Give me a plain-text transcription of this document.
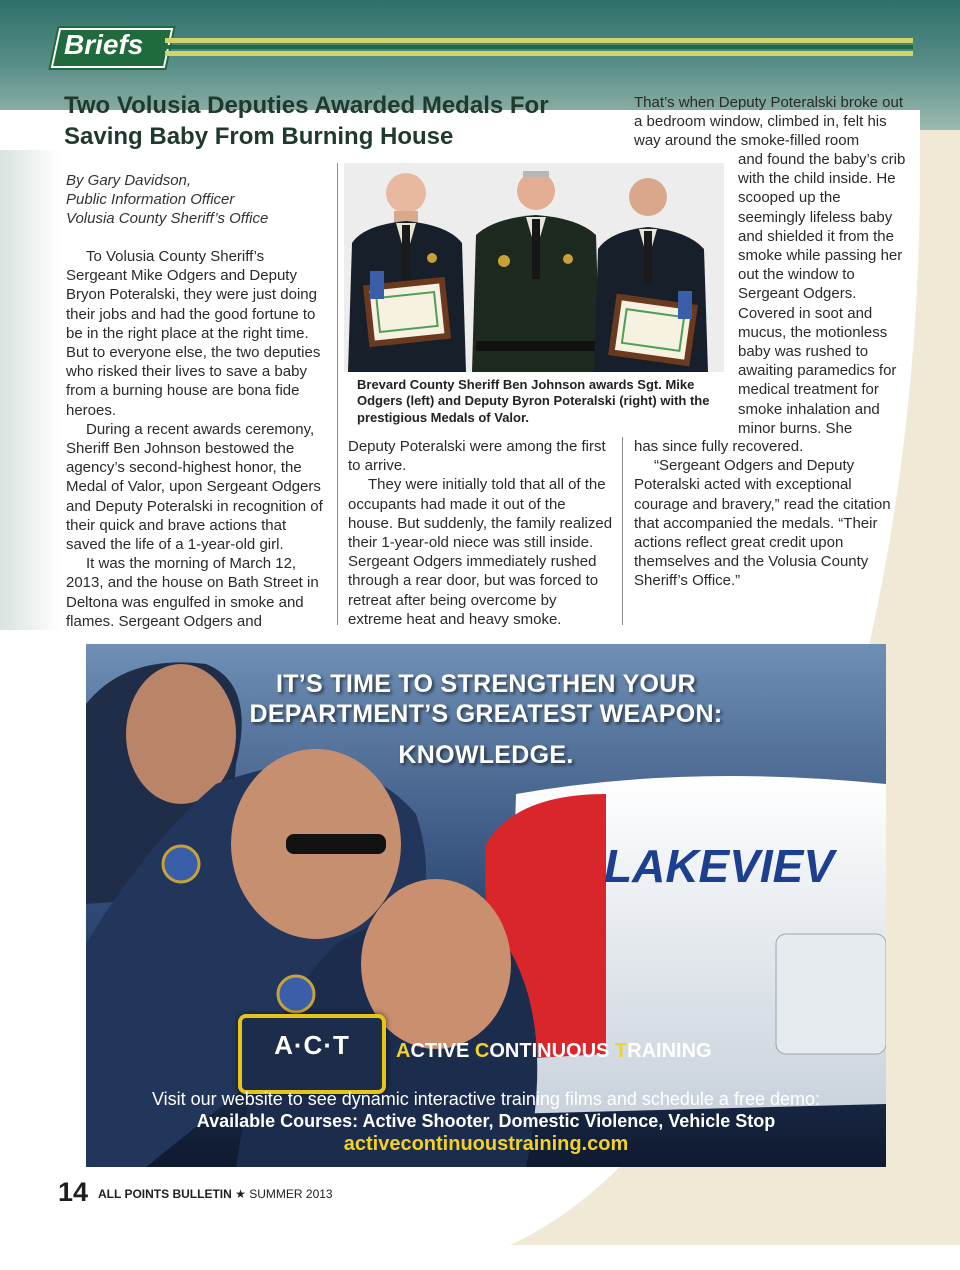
Briefs
Two Volusia Deputies Awarded Medals For Saving Baby From Burning House
By Gary Davidson,
Public Information Officer
Volusia County Sheriff’s Office

To Volusia County Sheriff’s Sergeant Mike Odgers and Deputy Bryon Poteralski, they were just doing their jobs and had the good fortune to be in the right place at the right time. But to everyone else, the two deputies who risked their lives to save a baby from a burning house are bona fide heroes.

During a recent awards ceremony, Sheriff Ben Johnson bestowed the agency’s second-highest honor, the Medal of Valor, upon Sergeant Odgers and Deputy Poteralski in recognition of their quick and brave actions that saved the life of a 1-year-old girl.

It was the morning of March 12, 2013, and the house on Bath Street in Deltona was engulfed in smoke and flames. Sergeant Odgers and

Brevard County Sheriff Ben Johnson awards Sgt. Mike Odgers (left) and Deputy Byron Poteralski (right) with the prestigious Medals of Valor.

Deputy Poteralski were among the first to arrive.

They were initially told that all of the occupants had made it out of the house. But suddenly, the family realized their 1-year-old niece was still inside. Sergeant Odgers immediately rushed through a rear door, but was forced to retreat after being overcome by extreme heat and heavy smoke.

That’s when Deputy Poteralski broke out a bedroom window, climbed in, felt his way around the smoke-filled room

and found the baby’s crib with the child inside. He scooped up the seemingly lifeless baby and shielded it from the smoke while passing her out the window to Sergeant Odgers. Covered in soot and mucus, the motionless baby was rushed to awaiting paramedics for medical treatment for smoke inhalation and minor burns. She

has since fully recovered.

“Sergeant Odgers and Deputy Poteralski acted with exceptional courage and bravery,” read the citation that accompanied the medals. “Their actions reflect great credit upon themselves and the Volusia County Sheriff’s Office.”

LAKEVIEV
IT’S TIME TO STRENGTHEN YOUR
DEPARTMENT’S GREATEST WEAPON:
KNOWLEDGE.
A·C·T	ACTIVE CONTINUOUS TRAINING
Visit our website to see dynamic interactive training films and schedule a free demo:
Available Courses: Active Shooter, Domestic Violence, Vehicle Stop
activecontinuoustraining.com
14 ALL POINTS BULLETIN ★ SUMMER 2013
